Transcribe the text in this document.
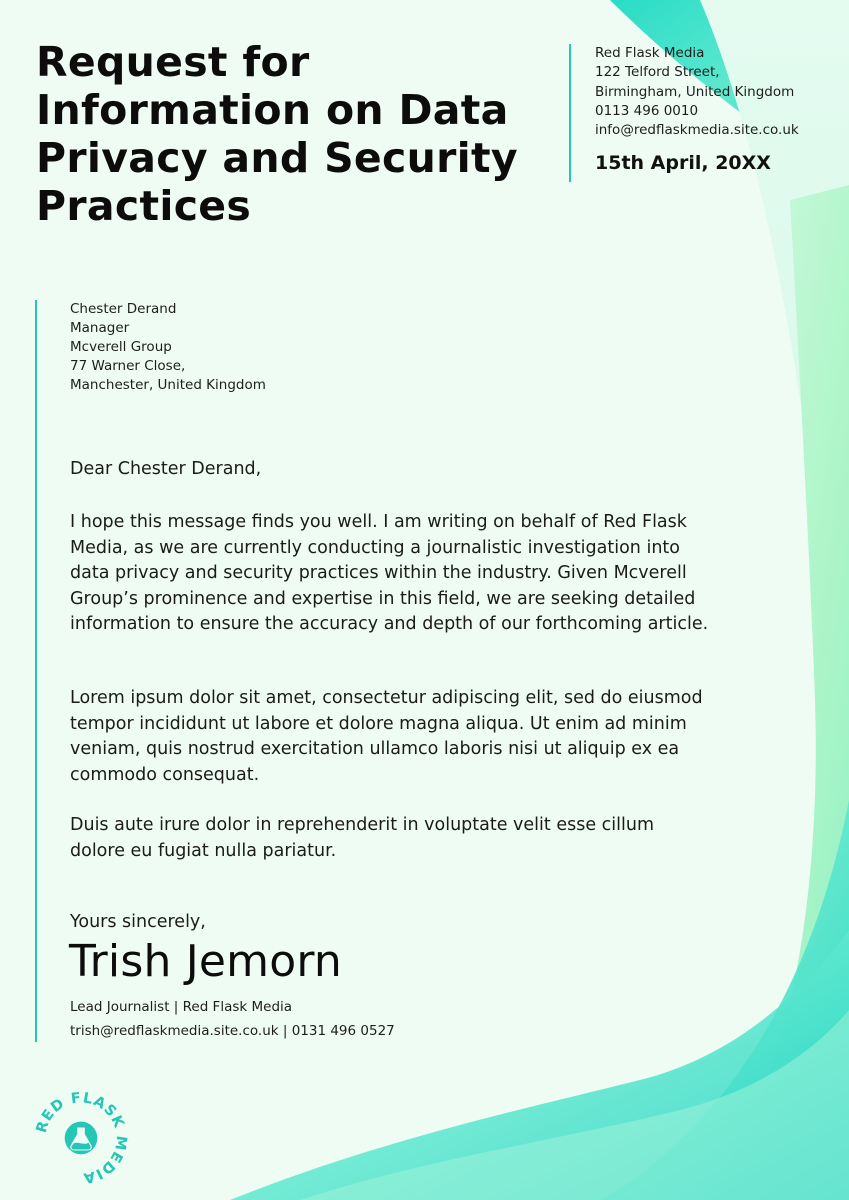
Request for Information on Data Privacy and Security Practices
Red Flask Media
122 Telford Street,
Birmingham, United Kingdom
0113 496 0010
info@redflaskmedia.site.co.uk
15th April, 20XX
Chester Derand
Manager
Mcverell Group
77 Warner Close,
Manchester, United Kingdom
Dear Chester Derand,

I hope this message finds you well. I am writing on behalf of Red Flask Media, as we are currently conducting a journalistic investigation into data privacy and security practices within the industry. Given Mcverell Group’s prominence and expertise in this field, we are seeking detailed information to ensure the accuracy and depth of our forthcoming article.

Lorem ipsum dolor sit amet, consectetur adipiscing elit, sed do eiusmod tempor incididunt ut labore et dolore magna aliqua. Ut enim ad minim veniam, quis nostrud exercitation ullamco laboris nisi ut aliquip ex ea commodo consequat.

Duis aute irure dolor in reprehenderit in voluptate velit esse cillum dolore eu fugiat nulla pariatur.

Yours sincerely,
Trish Jemorn
Lead Journalist | Red Flask Media
trish@redflaskmedia.site.co.uk | 0131 496 0527
RED FLASK MEDIA
